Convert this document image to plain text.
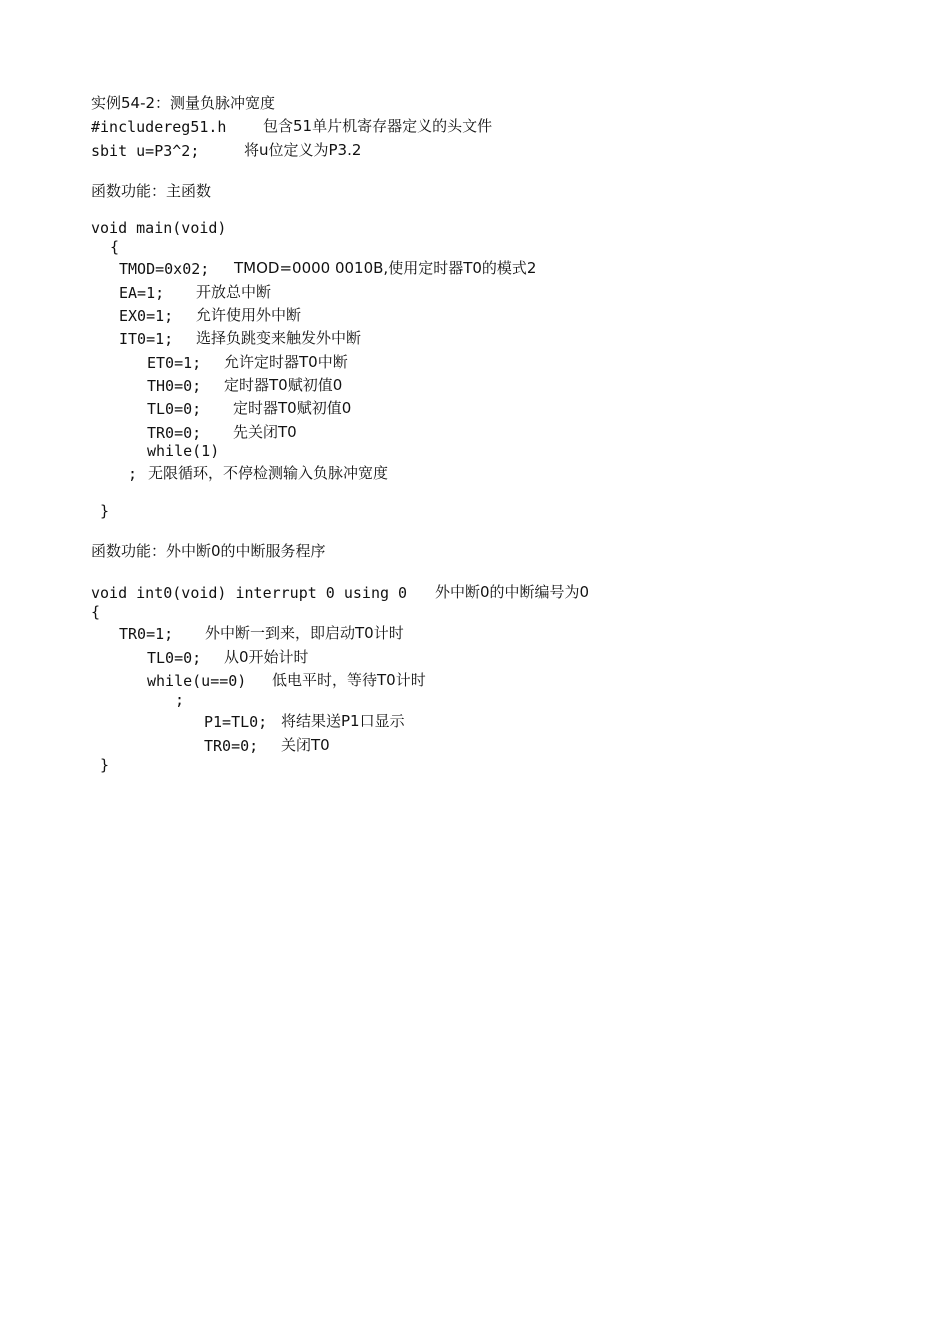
实例54-2：测量负脉冲宽度
#includereg51.h 包含51单片机寄存器定义的头文件
sbit u=P3^2;	将u位定义为P3.2
函数功能：主函数
void main(void)
{
TMOD=0x02; TMOD=0000 0010B,使用定时器T0的模式2
EA=1; 开放总中断
EX0=1; 允许使用外中断
IT0=1; 选择负跳变来触发外中断
ET0=1; 允许定时器T0中断
TH0=0; 定时器T0赋初值0
TL0=0; 定时器T0赋初值0
TR0=0; 先关闭T0
while(1)
; 无限循环，不停检测输入负脉冲宽度
}
函数功能：外中断0的中断服务程序
void int0(void) interrupt 0 using 0 外中断0的中断编号为0
{
TR0=1; 外中断一到来，即启动T0计时
TL0=0; 从0开始计时
while(u==0) 低电平时，等待T0计时
;
P1=TL0; 将结果送P1口显示
TR0=0; 关闭T0
}
